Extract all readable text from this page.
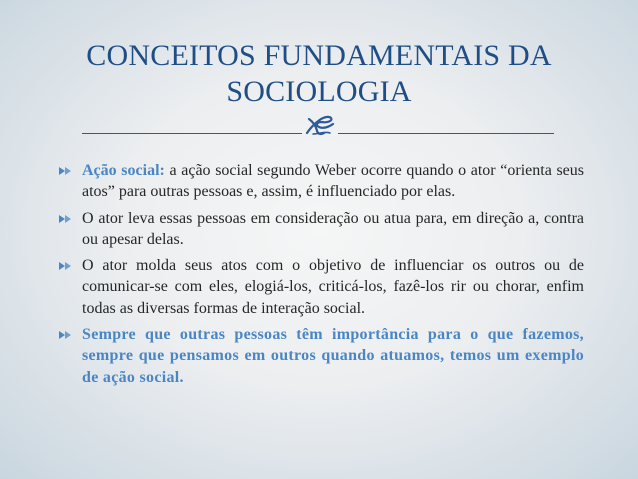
CONCEITOS FUNDAMENTAIS DA
SOCIOLOGIA
Ação social: a ação social segundo Weber ocorre quando o ator “orienta seus atos” para outras pessoas e, assim, é influenciado por elas.
O ator leva essas pessoas em consideração ou atua para, em direção a, contra ou apesar delas.
O ator molda seus atos com o objetivo de influenciar os outros ou de comunicar-se com eles, elogiá-los, criticá-los, fazê-los rir ou chorar, enfim todas as diversas formas de interação social.
Sempre que outras pessoas têm importância para o que fazemos, sempre que pensamos em outros quando atuamos, temos um exemplo de ação social.
